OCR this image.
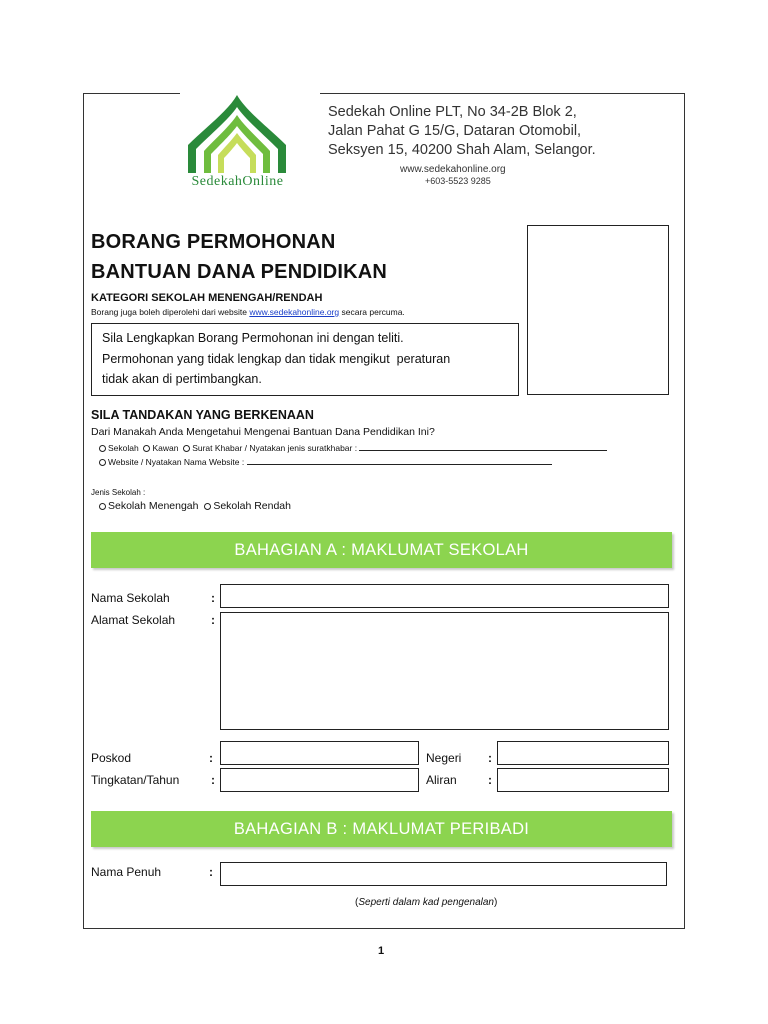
SedekahOnline
Sedekah Online PLT, No 34-2B Blok 2,
Jalan Pahat G 15/G, Dataran Otomobil,
Seksyen 15, 40200 Shah Alam, Selangor.
www.sedekahonline.org
+603-5523 9285
BORANG PERMOHONAN
BANTUAN DANA PENDIDIKAN
KATEGORI SEKOLAH MENENGAH/RENDAH
Borang juga boleh diperolehi dari website www.sedekahonline.org secara percuma.
Sila Lengkapkan Borang Permohonan ini dengan teliti.
Permohonan yang tidak lengkap dan tidak mengikut  peraturan
tidak akan di pertimbangkan.
SILA TANDAKAN YANG BERKENAAN
Dari Manakah Anda Mengetahui Mengenai Bantuan Dana Pendidikan Ini?
Sekolah Kawan Surat Khabar / Nyatakan jenis suratkhabar :
Website / Nyatakan Nama Website :
Jenis Sekolah :
Sekolah Menengah Sekolah Rendah
BAHAGIAN A : MAKLUMAT SEKOLAH
Nama Sekolah	:
Alamat Sekolah	:
Poskod	:	Negeri :
Tingkatan/Tahun	:	Aliran	:
BAHAGIAN B : MAKLUMAT PERIBADI
Nama Penuh	:
(Seperti dalam kad pengenalan)
1
